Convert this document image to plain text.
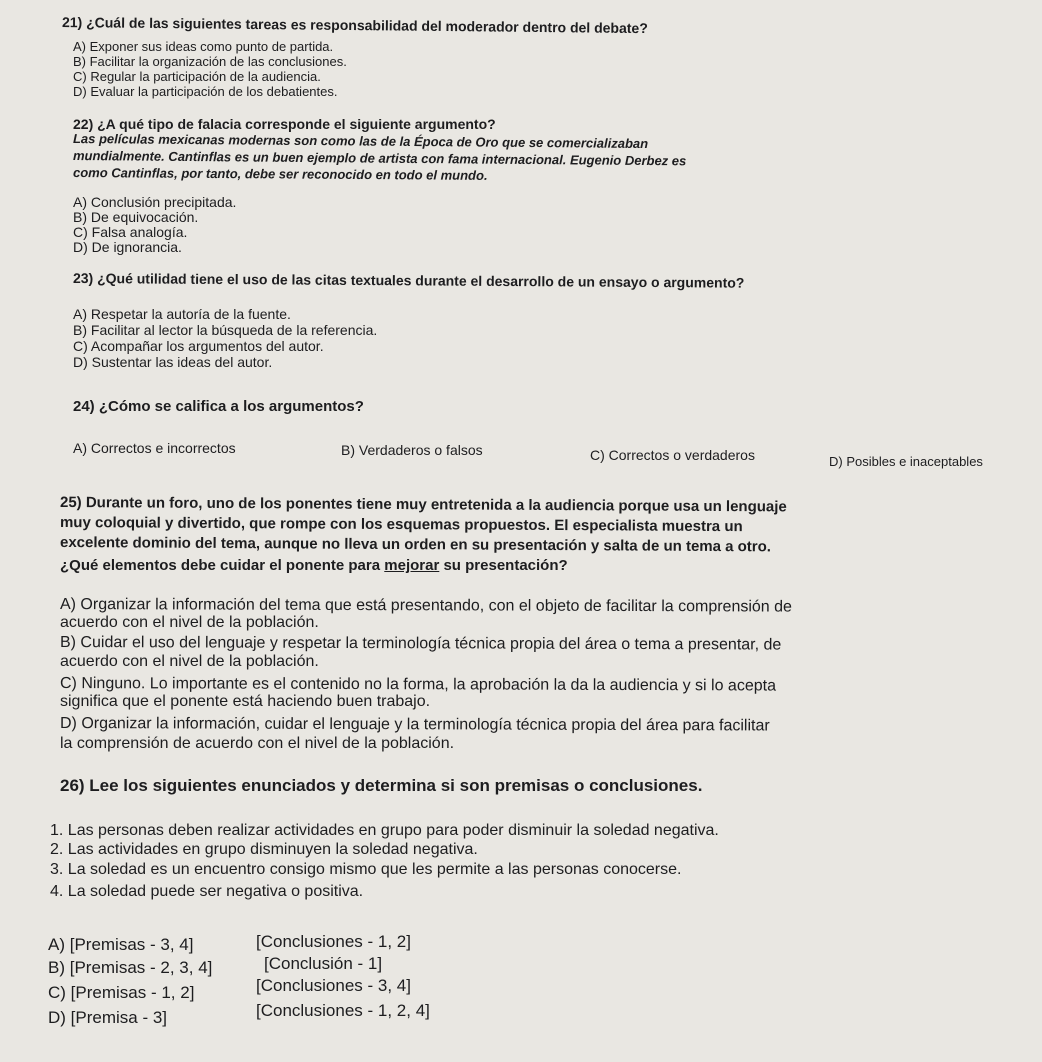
21) ¿Cuál de las siguientes tareas es responsabilidad del moderador dentro del debate?
A) Exponer sus ideas como punto de partida.
B) Facilitar la organización de las conclusiones.
C) Regular la participación de la audiencia.
D) Evaluar la participación de los debatientes.
22) ¿A qué tipo de falacia corresponde el siguiente argumento?
Las películas mexicanas modernas son como las de la Época de Oro que se comercializaban
mundialmente. Cantinflas es un buen ejemplo de artista con fama internacional. Eugenio Derbez es
como Cantinflas, por tanto, debe ser reconocido en todo el mundo.
A) Conclusión precipitada.
B) De equivocación.
C) Falsa analogía.
D) De ignorancia.
23) ¿Qué utilidad tiene el uso de las citas textuales durante el desarrollo de un ensayo o argumento?
A) Respetar la autoría de la fuente.
B) Facilitar al lector la búsqueda de la referencia.
C) Acompañar los argumentos del autor.
D) Sustentar las ideas del autor.
24) ¿Cómo se califica a los argumentos?
A) Correctos e incorrectos	B) Verdaderos o falsos	C) Correctos o verdaderos	D) Posibles e inaceptables
25) Durante un foro, uno de los ponentes tiene muy entretenida a la audiencia porque usa un lenguaje
muy coloquial y divertido, que rompe con los esquemas propuestos. El especialista muestra un
excelente dominio del tema, aunque no lleva un orden en su presentación y salta de un tema a otro.
¿Qué elementos debe cuidar el ponente para mejorar su presentación?
A) Organizar la información del tema que está presentando, con el objeto de facilitar la comprensión de
acuerdo con el nivel de la población.
B) Cuidar el uso del lenguaje y respetar la terminología técnica propia del área o tema a presentar, de
acuerdo con el nivel de la población.
C) Ninguno. Lo importante es el contenido no la forma, la aprobación la da la audiencia y si lo acepta
significa que el ponente está haciendo buen trabajo.
D) Organizar la información, cuidar el lenguaje y la terminología técnica propia del área para facilitar
la comprensión de acuerdo con el nivel de la población.
26) Lee los siguientes enunciados y determina si son premisas o conclusiones.
1. Las personas deben realizar actividades en grupo para poder disminuir la soledad negativa.
2. Las actividades en grupo disminuyen la soledad negativa.
3. La soledad es un encuentro consigo mismo que les permite a las personas conocerse.
4. La soledad puede ser negativa o positiva.
A) [Premisas - 3, 4]	[Conclusiones - 1, 2]
B) [Premisas - 2, 3, 4]	[Conclusión - 1]
C) [Premisas - 1, 2]	[Conclusiones - 3, 4]
D) [Premisa - 3]	[Conclusiones - 1, 2, 4]
